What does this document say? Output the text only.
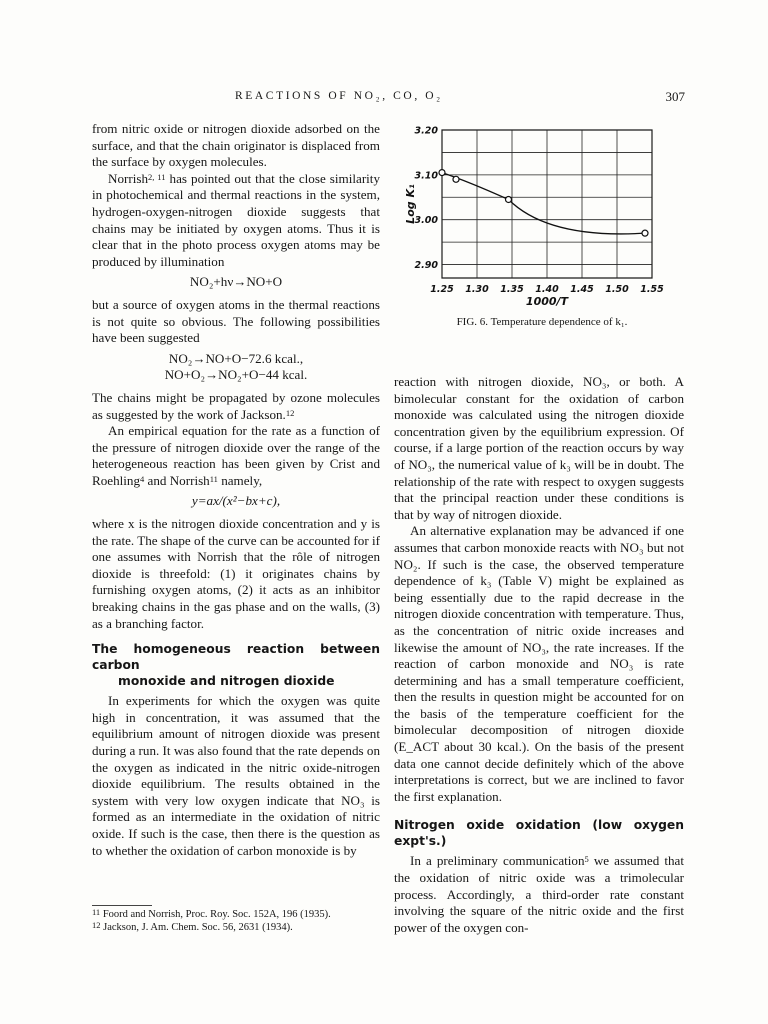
REACTIONS OF NO₂, CO, O₂	307

from nitric oxide or nitrogen dioxide adsorbed on the surface, and that the chain originator is displaced from the surface by oxygen molecules.

Norrish$^{2, 11}$ has pointed out that the close similarity in photochemical and thermal reactions in the system, hydrogen-oxygen-nitrogen dioxide suggests that chains may be initiated by oxygen atoms. Thus it is clear that in the photo process oxygen atoms may be produced by illumination

NO₂+hν→NO+O

but a source of oxygen atoms in the thermal reactions is not quite so obvious. The following possibilities have been suggested

NO₂→NO+O−72.6 kcal.,
NO+O₂→NO₂+O−44 kcal.

The chains might be propagated by ozone molecules as suggested by the work of Jackson.$^{12}$

An empirical equation for the rate as a function of the pressure of nitrogen dioxide over the range of the heterogeneous reaction has been given by Crist and Roehling$^4$ and Norrish$^{11}$ namely,

y=ax/(x²−bx+c),

where x is the nitrogen dioxide concentration and y is the rate. The shape of the curve can be accounted for if one assumes with Norrish that the rôle of nitrogen dioxide is threefold: (1) it originates chains by furnishing oxygen atoms, (2) it acts as an inhibitor breaking chains in the gas phase and on the walls, (3) as a branching factor.

The homogeneous reaction between carbon
monoxide and nitrogen dioxide

In experiments for which the oxygen was quite high in concentration, it was assumed that the equilibrium amount of nitrogen dioxide was present during a run. It was also found that the rate depends on the oxygen as indicated in the nitric oxide-nitrogen dioxide equilibrium. The results obtained in the system with very low oxygen indicate that NO₃ is formed as an intermediate in the oxidation of nitric oxide. If such is the case, then there is the question as to whether the oxidation of carbon monoxide is by

$^{11}$ Foord and Norrish, Proc. Roy. Soc. 152A, 196 (1935).
$^{12}$ Jackson, J. Am. Chem. Soc. 56, 2631 (1934).
1.25 1.30 1.35 1.40 1.45 1.50 1.55
2.90
3.00
3.10
3.20
1000/T
Log K₁
FIG. 6. Temperature dependence of k₁.

reaction with nitrogen dioxide, NO₃, or both. A bimolecular constant for the oxidation of carbon monoxide was calculated using the nitrogen dioxide concentration given by the equilibrium expression. Of course, if a large portion of the reaction occurs by way of NO₃, the numerical value of k₃ will be in doubt. The relationship of the rate with respect to oxygen suggests that the principal reaction under these conditions is that by way of nitrogen dioxide.

An alternative explanation may be advanced if one assumes that carbon monoxide reacts with NO₃ but not NO₂. If such is the case, the observed temperature dependence of k₃ (Table V) might be explained as being essentially due to the rapid decrease in the nitrogen dioxide concentration with temperature. Thus, as the concentration of nitric oxide increases and likewise the amount of NO₃, the rate increases. If the reaction of carbon monoxide and NO₃ is rate determining and has a small temperature coefficient, then the results in question might be accounted for on the basis of the temperature coefficient for the bimolecular decomposition of nitrogen dioxide (E_ACT about 30 kcal.). On the basis of the present data one cannot decide definitely which of the above interpretations is correct, but we are inclined to favor the first explanation.

Nitrogen oxide oxidation (low oxygen expt's.)

In a preliminary communication$^5$ we assumed that the oxidation of nitric oxide was a trimolecular process. Accordingly, a third-order rate constant involving the square of the nitric oxide and the first power of the oxygen con-
